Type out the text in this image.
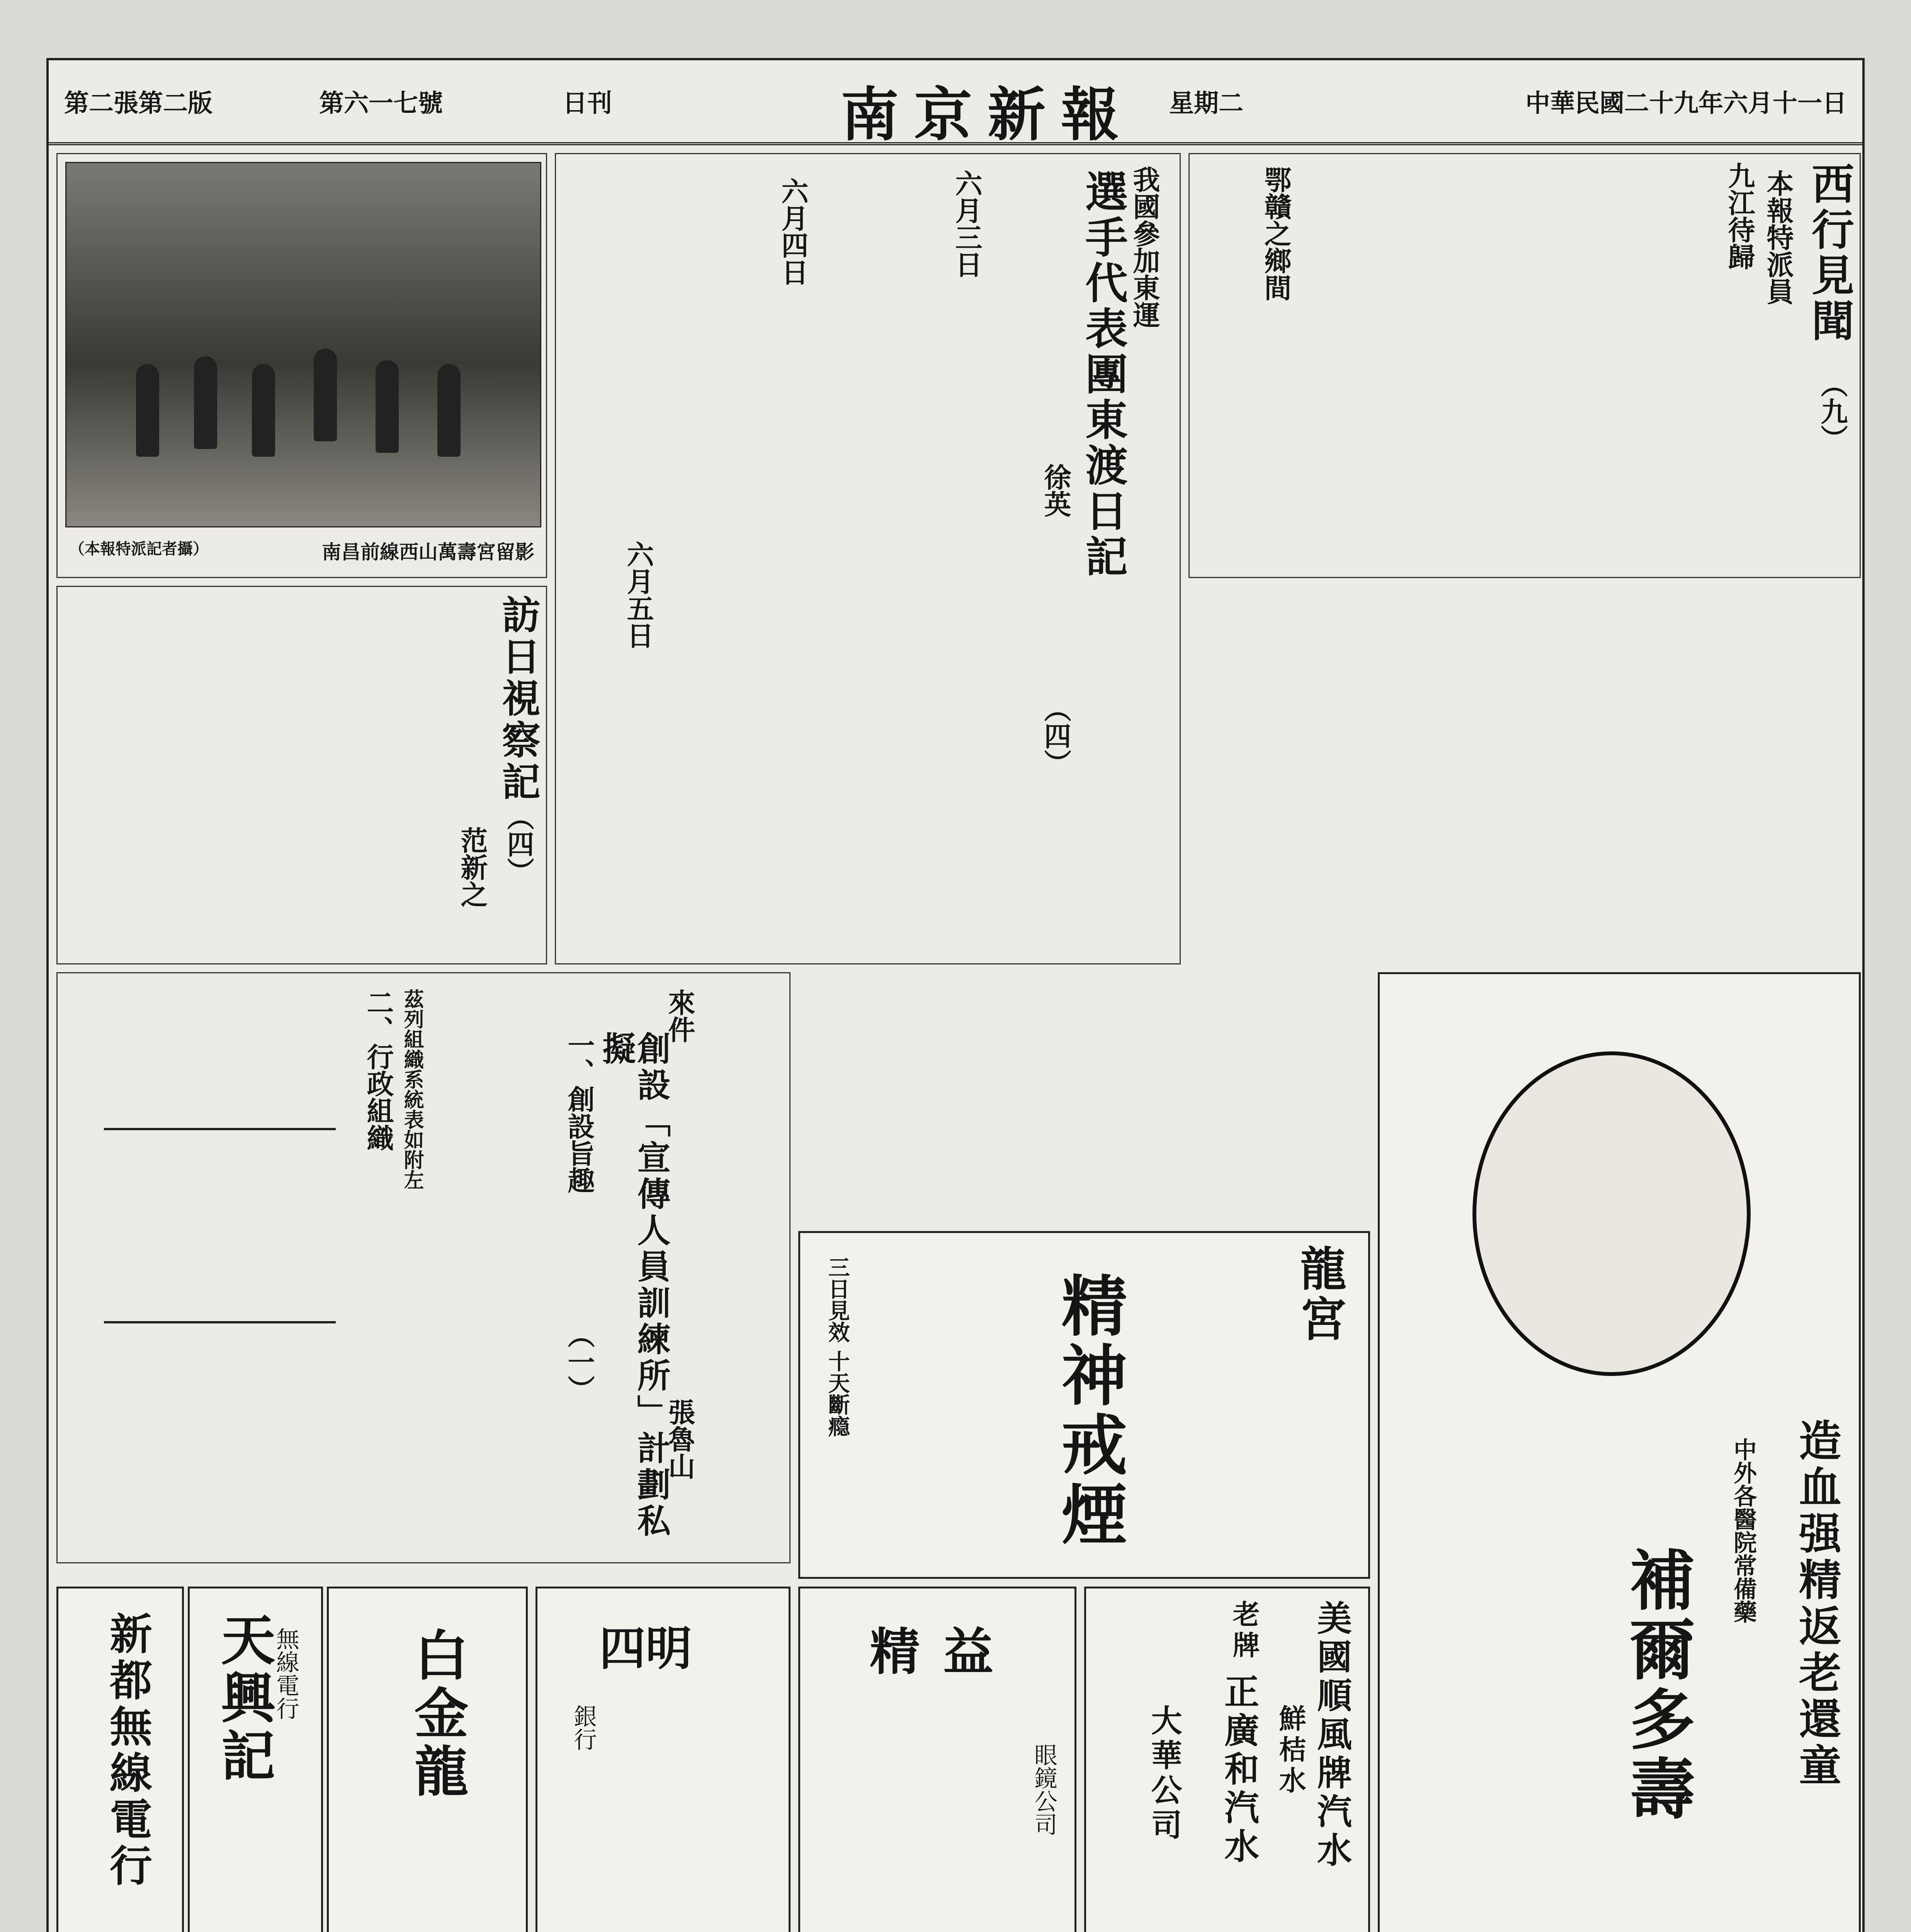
第二張第二版	第六一七號	日刊	南京新報 星期二	中華民國二十九年六月十一日
西行見聞
本報特派員
（九）
九江待歸
鄂贛之鄉間
南昌前線西山萬壽宮留影
（本報特派記者攝）
我國參加東運
選手代表團東渡日記
徐英
（四）
六月三日
六月四日
六月五日
訪日視察記
（四）
范新之
來件
創設「宣傳人員訓練所」計劃私擬
一、創設旨趣
（一）
張魯山
二、行政組織 茲列組織系統表如附左
造血强精返老還童
補爾多壽
中外各醫院常備藥
龍宮
精神戒煙
三日見效 十天斷瘾
美國順風牌汽水
鮮桔水
老牌
正廣和汽水
大華公司
精益
眼鏡公司
四明
銀行
白金龍
天興記
無線電行
新都無線電行
